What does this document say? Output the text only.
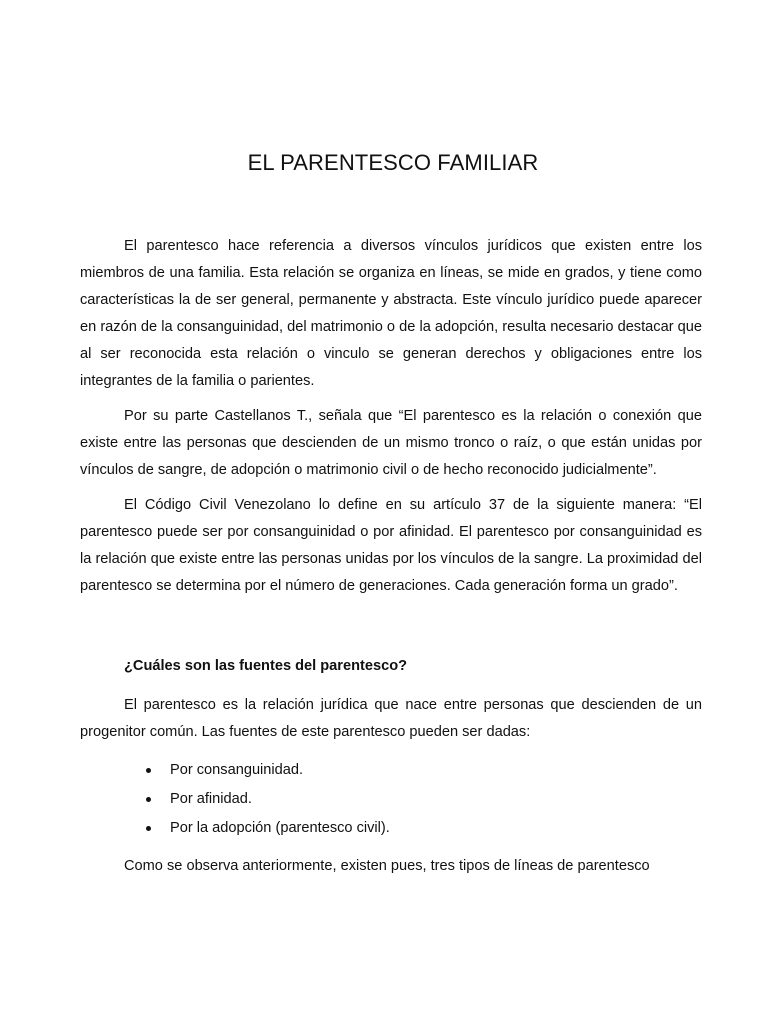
EL PARENTESCO FAMILIAR

El parentesco hace referencia a diversos vínculos jurídicos que existen entre los miembros de una familia. Esta relación se organiza en líneas, se mide en grados, y tiene como características la de ser general, permanente y abstracta. Este vínculo jurídico puede aparecer en razón de la consanguinidad, del matrimonio o de la adopción, resulta necesario destacar que al ser reconocida esta relación o vinculo se generan derechos y obligaciones entre los integrantes de la familia o parientes.

Por su parte Castellanos T., señala que “El parentesco es la relación o conexión que existe entre las personas que descienden de un mismo tronco o raíz, o que están unidas por vínculos de sangre, de adopción o matrimonio civil o de hecho reconocido judicialmente”.

El Código Civil Venezolano lo define en su artículo 37 de la siguiente manera: “El parentesco puede ser por consanguinidad o por afinidad. El parentesco por consanguinidad es la relación que existe entre las personas unidas por los vínculos de la sangre. La proximidad del parentesco se determina por el número de generaciones. Cada generación forma un grado”.

¿Cuáles son las fuentes del parentesco?

El parentesco es la relación jurídica que nace entre personas que descienden de un progenitor común. Las fuentes de este parentesco pueden ser dadas:

Por consanguinidad.
Por afinidad.
Por la adopción (parentesco civil).

Como se observa anteriormente, existen pues, tres tipos de líneas de parentesco
